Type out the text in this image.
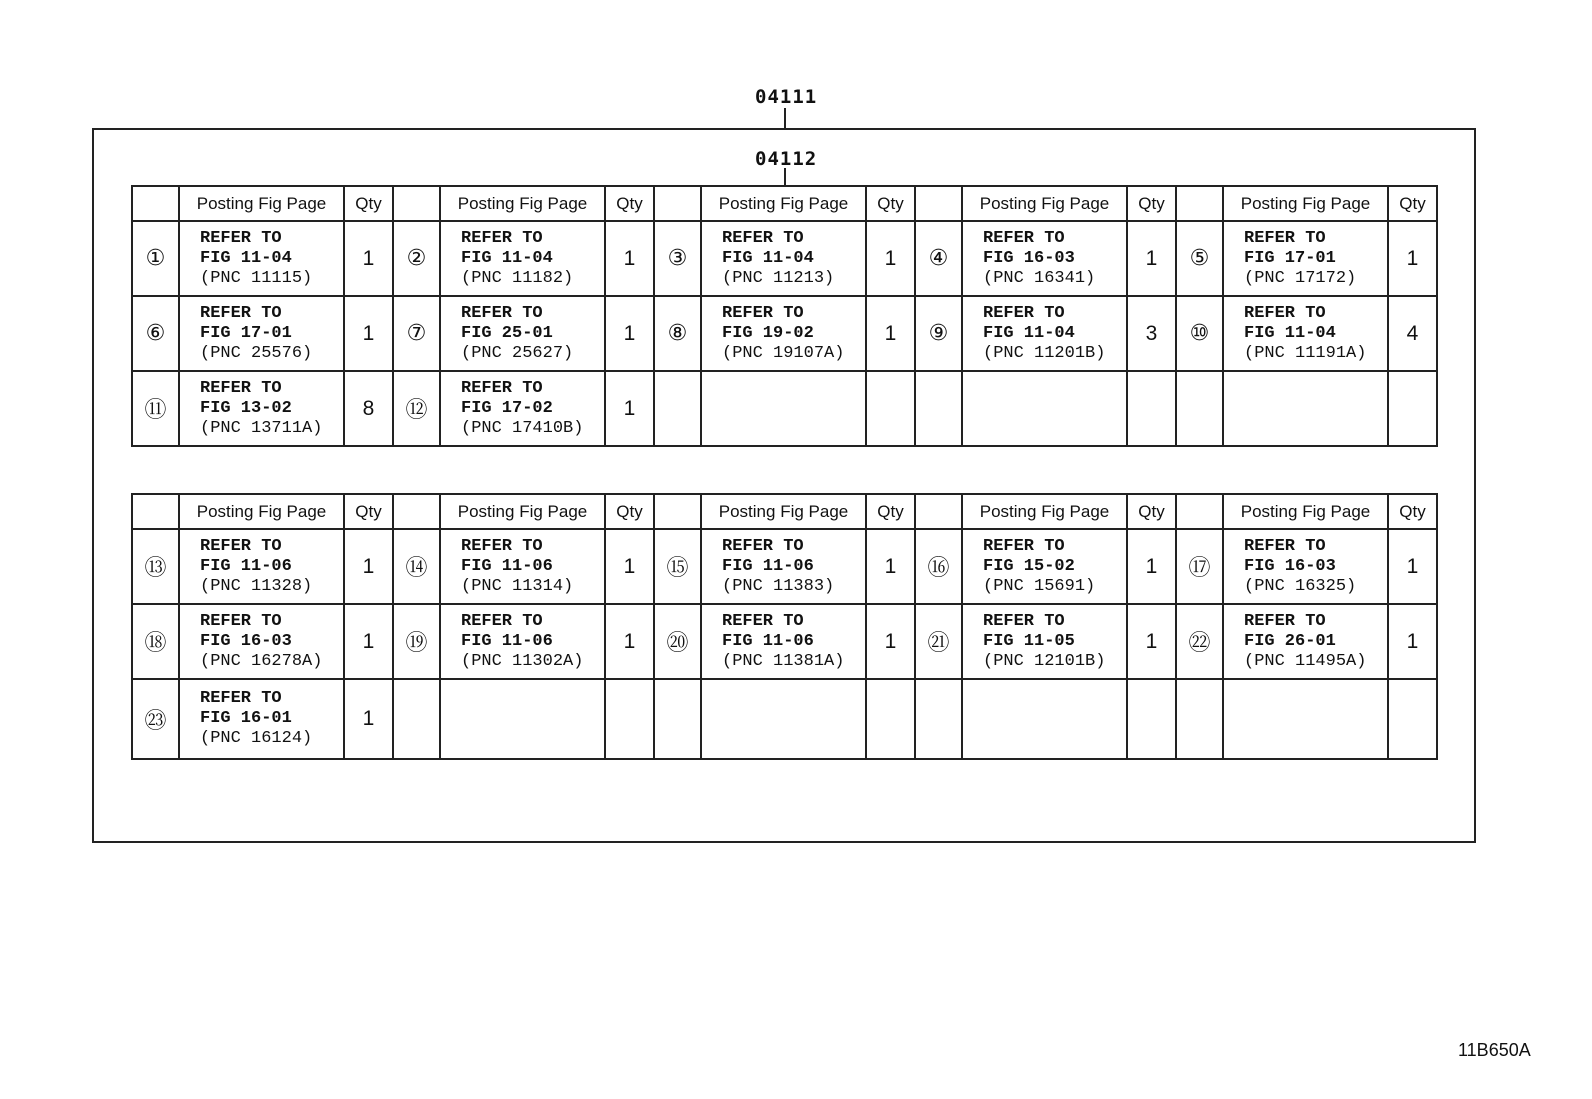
04111
04112
	Posting Fig Page	Qty		Posting Fig Page	Qty		Posting Fig Page	Qty		Posting Fig Page	Qty		Posting Fig Page	Qty
①	REFER TO
FIG 11-04
(PNC 11115)	1	②	REFER TO
FIG 11-04
(PNC 11182)	1	③	REFER TO
FIG 11-04
(PNC 11213)	1	④	REFER TO
FIG 16-03
(PNC 16341)	1	⑤	REFER TO
FIG 17-01
(PNC 17172)	1
⑥	REFER TO
FIG 17-01
(PNC 25576)	1	⑦	REFER TO
FIG 25-01
(PNC 25627)	1	⑧	REFER TO
FIG 19-02
(PNC 19107A)	1	⑨	REFER TO
FIG 11-04
(PNC 11201B)	3	⑩	REFER TO
FIG 11-04
(PNC 11191A)	4
⑪	REFER TO
FIG 13-02
(PNC 13711A)	8	⑫	REFER TO
FIG 17-02
(PNC 17410B)	1		

	Posting Fig Page	Qty		Posting Fig Page	Qty		Posting Fig Page	Qty		Posting Fig Page	Qty		Posting Fig Page	Qty
⑬	REFER TO
FIG 11-06
(PNC 11328)	1	⑭	REFER TO
FIG 11-06
(PNC 11314)	1	⑮	REFER TO
FIG 11-06
(PNC 11383)	1	⑯	REFER TO
FIG 15-02
(PNC 15691)	1	⑰	REFER TO
FIG 16-03
(PNC 16325)	1
⑱	REFER TO
FIG 16-03
(PNC 16278A)	1	⑲	REFER TO
FIG 11-06
(PNC 11302A)	1	⑳	REFER TO
FIG 11-06
(PNC 11381A)	1	㉑	REFER TO
FIG 11-05
(PNC 12101B)	1	㉒	REFER TO
FIG 26-01
(PNC 11495A)	1
㉓	REFER TO
FIG 16-01
(PNC 16124)	1		

11B650A
